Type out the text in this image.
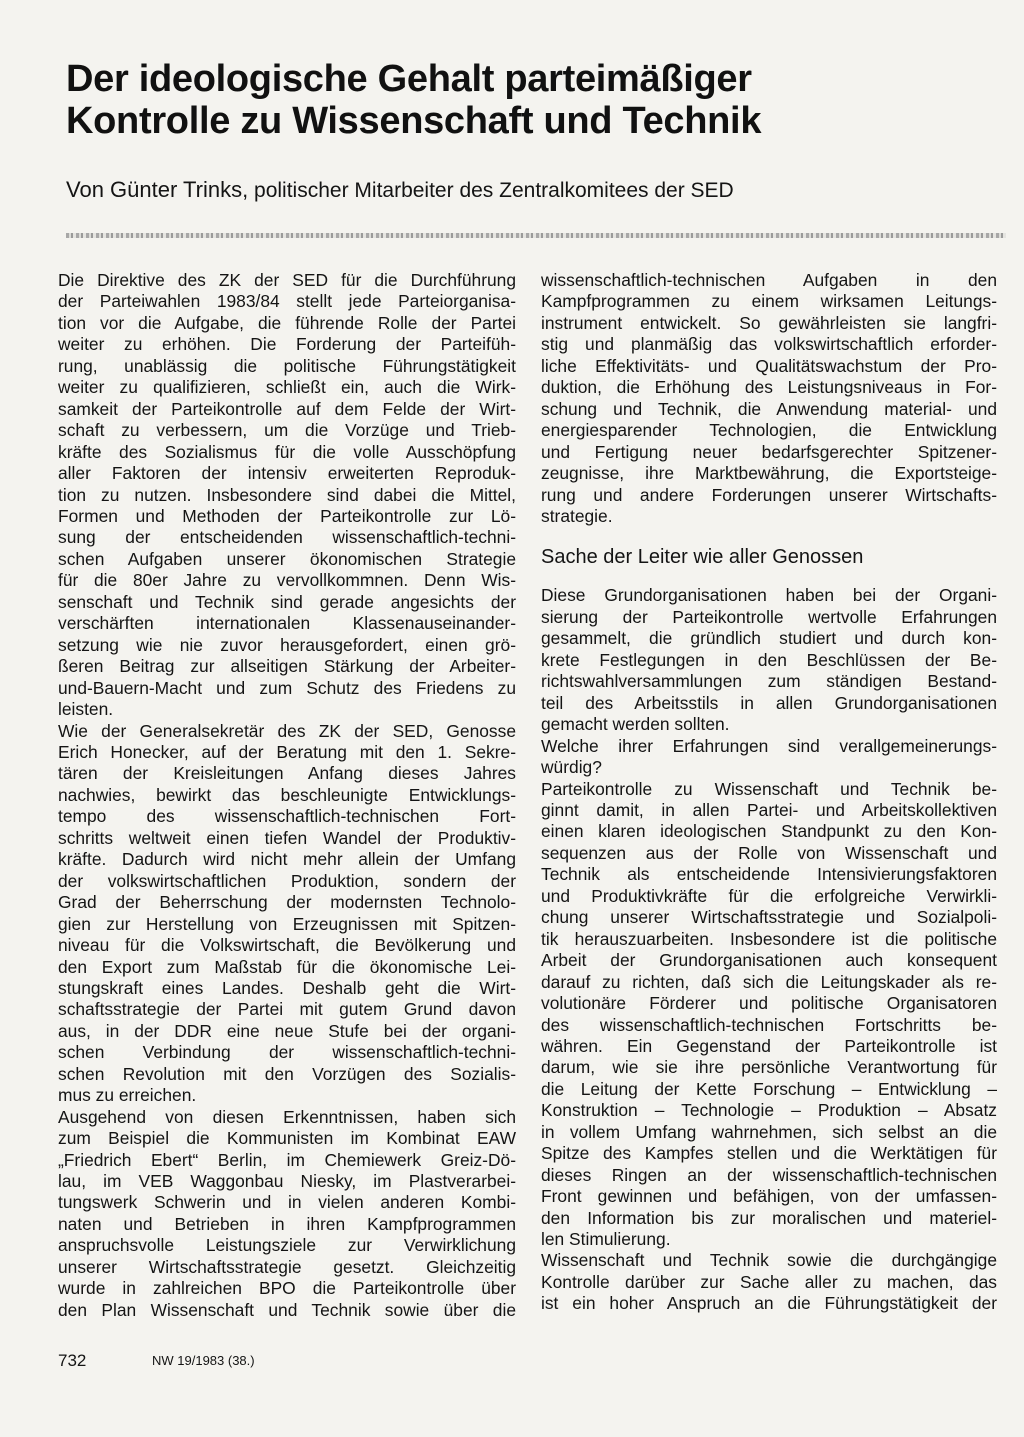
Der ideologische Gehalt parteimäßiger
Kontrolle zu Wissenschaft und Technik

Von Günter Trinks, politischer Mitarbeiter des Zentralkomitees der SED

Die Direktive des ZK der SED für die Durchführung
der Parteiwahlen 1983/84 stellt jede Parteiorganisa-
tion vor die Aufgabe, die führende Rolle der Partei
weiter zu erhöhen. Die Forderung der Parteifüh-
rung, unablässig die politische Führungstätigkeit
weiter zu qualifizieren, schließt ein, auch die Wirk-
samkeit der Parteikontrolle auf dem Felde der Wirt-
schaft zu verbessern, um die Vorzüge und Trieb-
kräfte des Sozialismus für die volle Ausschöpfung
aller Faktoren der intensiv erweiterten Reproduk-
tion zu nutzen. Insbesondere sind dabei die Mittel,
Formen und Methoden der Parteikontrolle zur Lö-
sung der entscheidenden wissenschaftlich-techni-
schen Aufgaben unserer ökonomischen Strategie
für die 80er Jahre zu vervollkommnen. Denn Wis-
senschaft und Technik sind gerade angesichts der
verschärften internationalen Klassenauseinander-
setzung wie nie zuvor herausgefordert, einen grö-
ßeren Beitrag zur allseitigen Stärkung der Arbeiter-
und-Bauern-Macht und zum Schutz des Friedens zu
leisten.

Wie der Generalsekretär des ZK der SED, Genosse
Erich Honecker, auf der Beratung mit den 1. Sekre-
tären der Kreisleitungen Anfang dieses Jahres
nachwies, bewirkt das beschleunigte Entwicklungs-
tempo des wissenschaftlich-technischen Fort-
schritts weltweit einen tiefen Wandel der Produktiv-
kräfte. Dadurch wird nicht mehr allein der Umfang
der volkswirtschaftlichen Produktion, sondern der
Grad der Beherrschung der modernsten Technolo-
gien zur Herstellung von Erzeugnissen mit Spitzen-
niveau für die Volkswirtschaft, die Bevölkerung und
den Export zum Maßstab für die ökonomische Lei-
stungskraft eines Landes. Deshalb geht die Wirt-
schaftsstrategie der Partei mit gutem Grund davon
aus, in der DDR eine neue Stufe bei der organi-
schen Verbindung der wissenschaftlich-techni-
schen Revolution mit den Vorzügen des Sozialis-
mus zu erreichen.

Ausgehend von diesen Erkenntnissen, haben sich
zum Beispiel die Kommunisten im Kombinat EAW
„Friedrich Ebert“ Berlin, im Chemiewerk Greiz-Dö-
lau, im VEB Waggonbau Niesky, im Plastverarbei-
tungswerk Schwerin und in vielen anderen Kombi-
naten und Betrieben in ihren Kampfprogrammen
anspruchsvolle Leistungsziele zur Verwirklichung
unserer Wirtschaftsstrategie gesetzt. Gleichzeitig
wurde in zahlreichen BPO die Parteikontrolle über
den Plan Wissenschaft und Technik sowie über die

wissenschaftlich-technischen Aufgaben in den
Kampfprogrammen zu einem wirksamen Leitungs-
instrument entwickelt. So gewährleisten sie langfri-
stig und planmäßig das volkswirtschaftlich erforder-
liche Effektivitäts- und Qualitätswachstum der Pro-
duktion, die Erhöhung des Leistungsniveaus in For-
schung und Technik, die Anwendung material- und
energiesparender Technologien, die Entwicklung
und Fertigung neuer bedarfsgerechter Spitzener-
zeugnisse, ihre Marktbewährung, die Exportsteige-
rung und andere Forderungen unserer Wirtschafts-
strategie.

Sache der Leiter wie aller Genossen

Diese Grundorganisationen haben bei der Organi-
sierung der Parteikontrolle wertvolle Erfahrungen
gesammelt, die gründlich studiert und durch kon-
krete Festlegungen in den Beschlüssen der Be-
richtswahlversammlungen zum ständigen Bestand-
teil des Arbeitsstils in allen Grundorganisationen
gemacht werden sollten.

Welche ihrer Erfahrungen sind verallgemeinerungs-
würdig?

Parteikontrolle zu Wissenschaft und Technik be-
ginnt damit, in allen Partei- und Arbeitskollektiven
einen klaren ideologischen Standpunkt zu den Kon-
sequenzen aus der Rolle von Wissenschaft und
Technik als entscheidende Intensivierungsfaktoren
und Produktivkräfte für die erfolgreiche Verwirkli-
chung unserer Wirtschaftsstrategie und Sozialpoli-
tik herauszuarbeiten. Insbesondere ist die politische
Arbeit der Grundorganisationen auch konsequent
darauf zu richten, daß sich die Leitungskader als re-
volutionäre Förderer und politische Organisatoren
des wissenschaftlich-technischen Fortschritts be-
währen. Ein Gegenstand der Parteikontrolle ist
darum, wie sie ihre persönliche Verantwortung für
die Leitung der Kette Forschung – Entwicklung –
Konstruktion – Technologie – Produktion – Absatz
in vollem Umfang wahrnehmen, sich selbst an die
Spitze des Kampfes stellen und die Werktätigen für
dieses Ringen an der wissenschaftlich-technischen
Front gewinnen und befähigen, von der umfassen-
den Information bis zur moralischen und materiel-
len Stimulierung.

Wissenschaft und Technik sowie die durchgängige
Kontrolle darüber zur Sache aller zu machen, das
ist ein hoher Anspruch an die Führungstätigkeit der

732	NW 19/1983 (38.)
